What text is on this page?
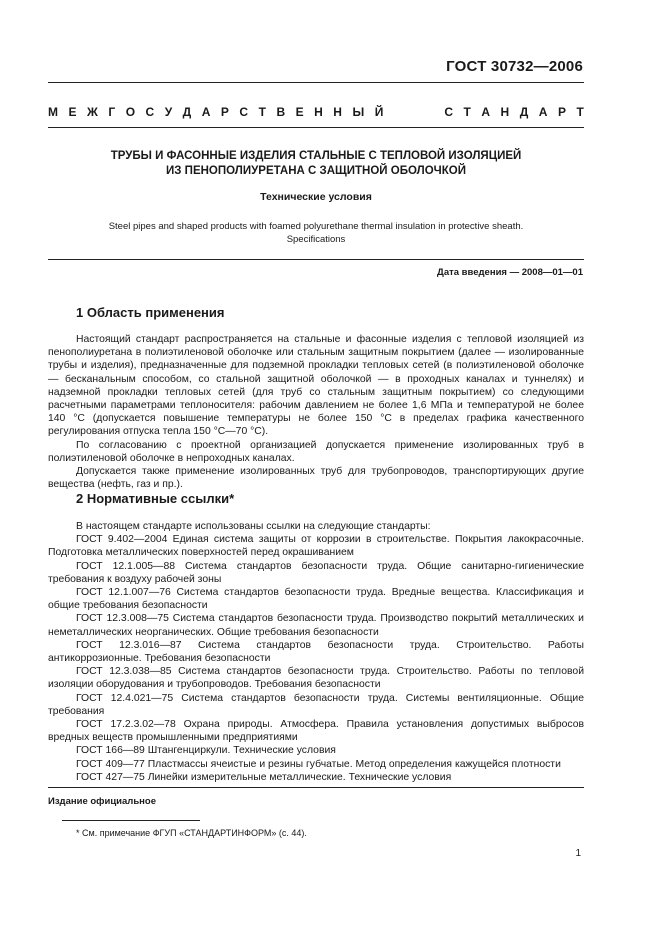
ГОСТ 30732—2006
М Е Ж Г О С У Д А Р С Т В Е Н Н Ы Й	С Т А Н Д А Р Т
ТРУБЫ И ФАСОННЫЕ ИЗДЕЛИЯ СТАЛЬНЫЕ С ТЕПЛОВОЙ ИЗОЛЯЦИЕЙ
ИЗ ПЕНОПОЛИУРЕТАНА С ЗАЩИТНОЙ ОБОЛОЧКОЙ
Технические условия
Steel pipes and shaped products with foamed polyurethane thermal insulation in protective sheath.
Specifications
Дата введения — 2008—01—01
1 Область применения

Настоящий стандарт распространяется на стальные и фасонные изделия с тепловой изоляцией из пенополиуретана в полиэтиленовой оболочке или стальным защитным покрытием (далее — изолированные трубы и изделия), предназначенные для подземной прокладки тепловых сетей (в полиэтиленовой оболочке — бесканальным способом, со стальной защитной оболочкой — в проходных каналах и туннелях) и надземной прокладки тепловых сетей (для труб со стальным защитным покрытием) со следующими расчетными параметрами теплоносителя: рабочим давлением не более 1,6 МПа и температурой не более 140 °С (допускается повышение температуры не более 150 °С в пределах графика качественного регулирования отпуска тепла 150 °С—70 °С).

По согласованию с проектной организацией допускается применение изолированных труб в полиэтиленовой оболочке в непроходных каналах.

Допускается также применение изолированных труб для трубопроводов, транспортирующих другие вещества (нефть, газ и пр.).

2 Нормативные ссылки*
В настоящем стандарте использованы ссылки на следующие стандарты:
ГОСТ 9.402—2004 Единая система защиты от коррозии в строительстве. Покрытия лакокрасочные. Подготовка металлических поверхностей перед окрашиванием
ГОСТ 12.1.005—88 Система стандартов безопасности труда. Общие санитарно-гигиенические требования к воздуху рабочей зоны
ГОСТ 12.1.007—76 Система стандартов безопасности труда. Вредные вещества. Классификация и общие требования безопасности
ГОСТ 12.3.008—75 Система стандартов безопасности труда. Производство покрытий металлических и неметаллических неорганических. Общие требования безопасности
ГОСТ 12.3.016—87 Система стандартов безопасности труда. Строительство. Работы антикоррозионные. Требования безопасности
ГОСТ 12.3.038—85 Система стандартов безопасности труда. Строительство. Работы по тепловой изоляции оборудования и трубопроводов. Требования безопасности
ГОСТ 12.4.021—75 Система стандартов безопасности труда. Системы вентиляционные. Общие требования
ГОСТ 17.2.3.02—78 Охрана природы. Атмосфера. Правила установления допустимых выбросов вредных веществ промышленными предприятиями
ГОСТ 166—89 Штангенциркули. Технические условия
ГОСТ 409—77 Пластмассы ячеистые и резины губчатые. Метод определения кажущейся плотности
ГОСТ 427—75 Линейки измерительные металлические. Технические условия
Издание официальное
* См. примечание ФГУП «СТАНДАРТИНФОРМ» (с. 44).
1
